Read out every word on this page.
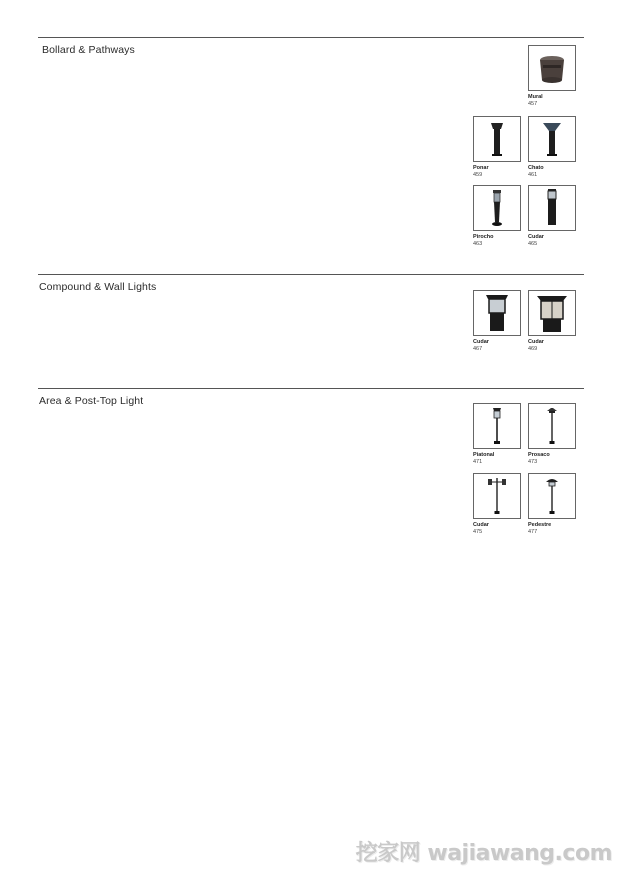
Bollard & Pathways
Compound & Wall Lights
Area & Post-Top Light
Mural
457
Ponar
459
Chato
461
Pirocho
463
Cudar
465
Cudar
467
Cudar
469
Piatonal
471
Prosaco
473
Cudar
475
Pedestre
477
挖家网 wajiawang.com
